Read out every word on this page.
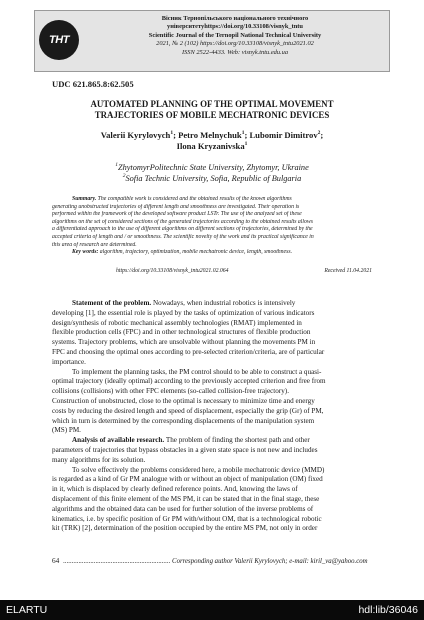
ТНТ
Вісник Тернопільського національного технічного
університетуhttps://doi.org/10.33108/visnyk_tntu
Scientific Journal of the Ternopil National Technical University
2021, № 2 (102) https://doi.org/10.33108/visnyk_tntu2021.02
ISSN 2522-4433. Web: visnyk.tntu.edu.ua
UDC 621.865.8:62.505
AUTOMATED PLANNING OF THE OPTIMAL MOVEMENT
TRAJECTORIES OF MOBILE MECHATRONIC DEVICES
Valerii Kyrylovych$^1$; Petro Melnychuk$^1$; Lubomir Dimitrov$^2$;
Ilona Kryzanivska$^1$
$^1$ZhytomyrPolitechnic State University, Zhytomyr, Ukraine
$^2$Sofia Technic University, Sofia, Republic of Bulgaria
Summary. The compatible work is considered and the obtained results of the known algorithms
generating unobstructed trajectories of different length and smoothness are investigated. Their operation is
performed within the framework of the developed software product LSTr. The use of the analyzed set of these
algorithms on the set of considered sections of the generated trajectories according to the obtained results allows
a differentiated approach to the use of different algorithms on different sections of trajectories, determined by the
accepted criteria of length and / or smoothness. The scientific novelty of the work and its practical significance in
this area of research are determined.
Key words: algorithm, trajectory, optimization, mobile mechatronic device, length, smoothness.
https://doi.org/10.33108/visnyk_tntu2021.02.064	Received 11.04.2021
Statement of the problem. Nowadays, when industrial robotics is intensively
developing [1], the essential role is played by the tasks of optimization of various indicators
design/synthesis of robotic mechanical assembly technologies (RMAT) implemented in
flexible production cells (FPC) and in other technological structures of flexible production
systems. Trajectory problems, which are unsolvable without planning the movements PM in
FPC and choosing the optimal ones according to pre-selected criterion/criteria, are of particular
importance.
To implement the planning tasks, the PM control should to be able to construct a quasi-
optimal trajectory (ideally optimal) according to the previously accepted criterion and free from
collisions (collisions) with other FPC elements (so-called collision-free trajectory).
Construction of unobstructed, close to the optimal is necessary to minimize time and energy
costs by reducing the desired length and speed of displacement, especially the grip (Gr) of PM,
which in turn is determined by the corresponding displacements of the manipulation system
(MS) PM.
Analysis of available research. The problem of finding the shortest path and other
parameters of trajectories that bypass obstacles in a given state space is not new and includes
many algorithms for its solution.
To solve effectively the problems considered here, a mobile mechatronic device (MMD)
is regarded as a kind of Gr PM analogue with or without an object of manipulation (OM) fixed
in it, which is displaced by clearly defined reference points. And, knowing the laws of
displacement of this finite element of the MS PM, it can be stated that in the final stage, these
algorithms and the obtained data can be used for further solution of the inverse problems of
kinematics, i.e. by specific position of Gr PM with/without OM, that is a technological robotic
kit (TRK) [2], determination of the position occupied by the entire MS PM, not only in order
64 ............................................................... Corresponding author Valerii Kyrylovych; e-mail: kiril_va@yahoo.com
ELARTU	hdl:lib/36046
